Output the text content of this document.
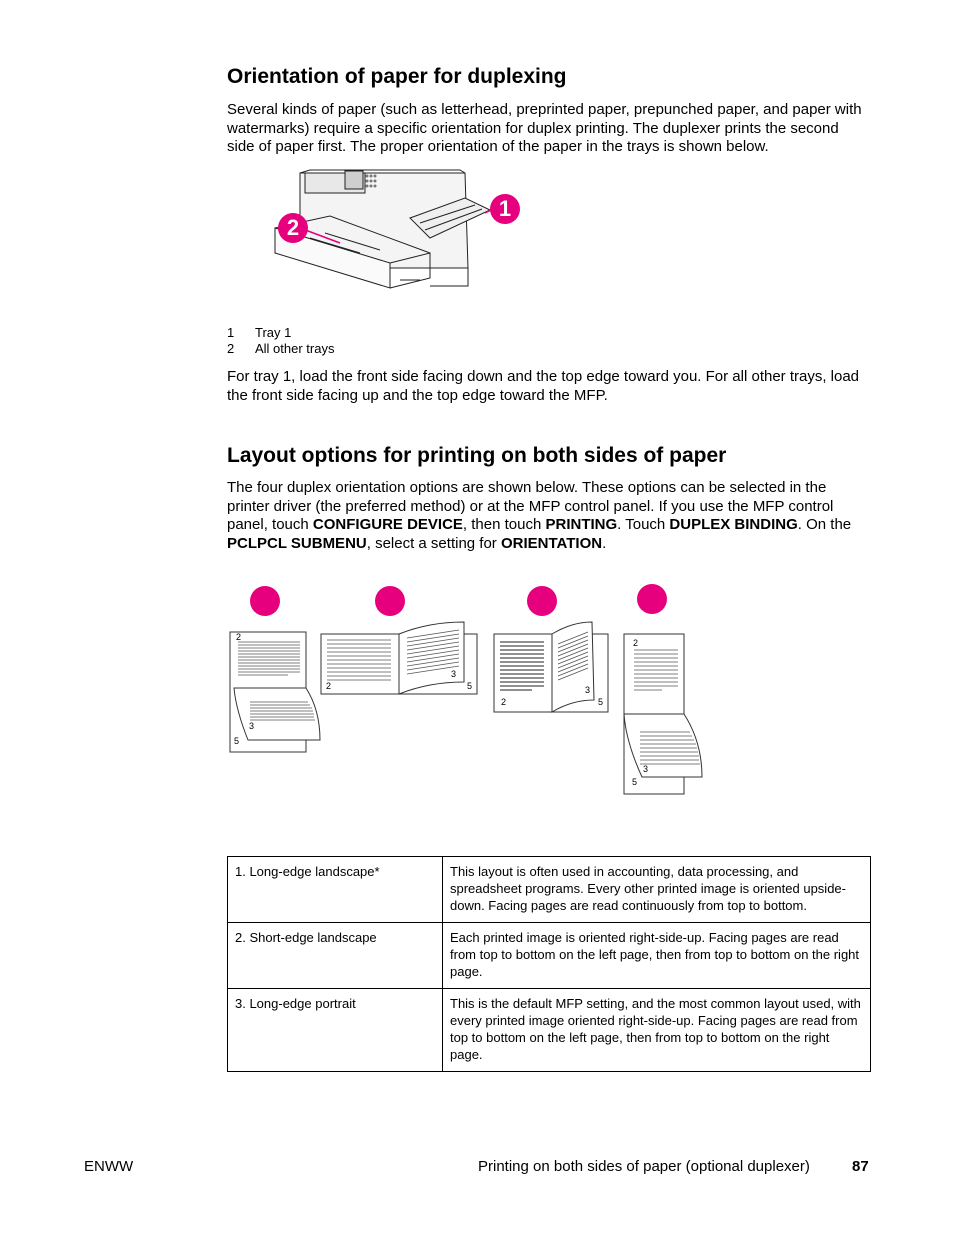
Orientation of paper for duplexing

Several kinds of paper (such as letterhead, preprinted paper, prepunched paper, and paper with watermarks) require a specific orientation for duplex printing. The duplexer prints the second side of paper first. The proper orientation of the paper in the trays is shown below.

1
2
1 Tray 1
2 All other trays

For tray 1, load the front side facing down and the top edge toward you. For all other trays, load the front side facing up and the top edge toward the MFP.

Layout options for printing on both sides of paper

The four duplex orientation options are shown below. These options can be selected in the printer driver (the preferred method) or at the MFP control panel. If you use the MFP control panel, touch CONFIGURE DEVICE, then touch PRINTING. Touch DUPLEX BINDING. On the PCLPCL SUBMENU, select a setting for ORIENTATION.

2
3
5
2
3
5
2
3
5
2
3
5
1. Long-edge landscape*	This layout is often used in accounting, data processing, and spreadsheet programs. Every other printed image is oriented upside-down. Facing pages are read continuously from top to bottom.
2. Short-edge landscape	Each printed image is oriented right-side-up. Facing pages are read from top to bottom on the left page, then from top to bottom on the right page.
3. Long-edge portrait	This is the default MFP setting, and the most common layout used, with every printed image oriented right-side-up. Facing pages are read from top to bottom on the left page, then from top to bottom on the right page.
ENWW	Printing on both sides of paper (optional duplexer)	87
